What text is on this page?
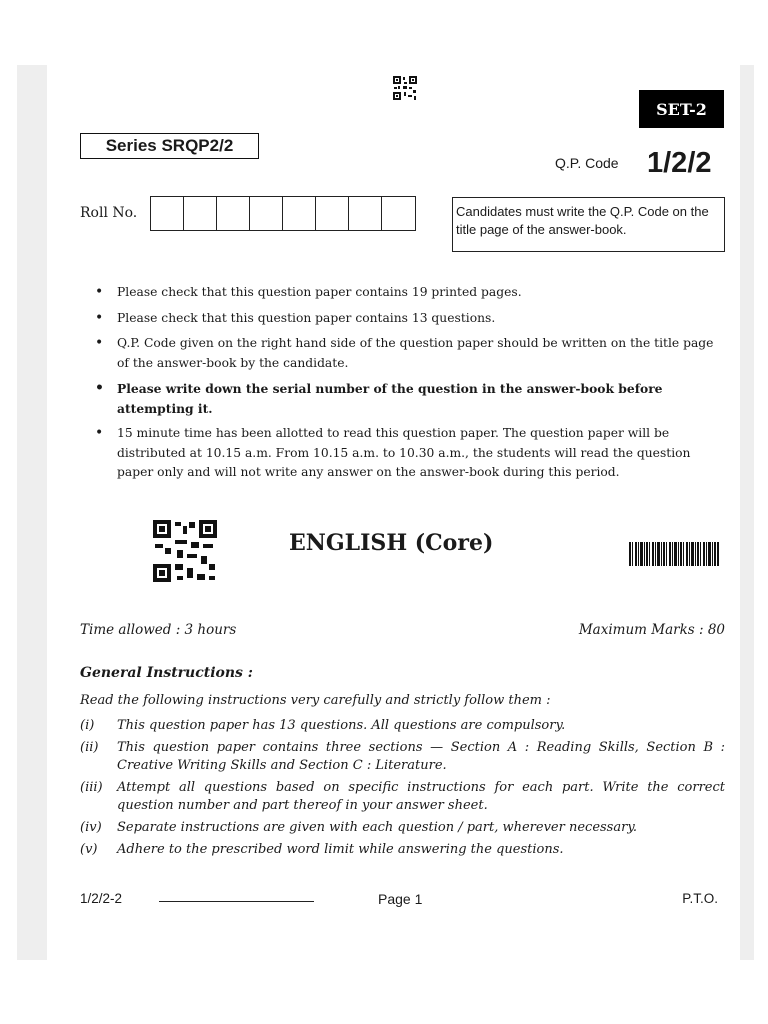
SET-2
Series SRQP2/2
Q.P. Code 1/2/2
Roll No.	Candidates must write the Q.P. Code on the title page of the answer-book.
• Please check that this question paper contains 19 printed pages.
• Please check that this question paper contains 13 questions.
• Q.P. Code given on the right hand side of the question paper should be written on the title page of the answer-book by the candidate.
• Please write down the serial number of the question in the answer-book before attempting it.
• 15 minute time has been allotted to read this question paper. The question paper will be distributed at 10.15 a.m. From 10.15 a.m. to 10.30 a.m., the students will read the question paper only and will not write any answer on the answer-book during this period.
ENGLISH (Core)
Time allowed : 3 hours	Maximum Marks : 80
General Instructions :
Read the following instructions very carefully and strictly follow them :
(i) This question paper has 13 questions. All questions are compulsory.
(ii) This question paper contains three sections — Section A : Reading Skills, Section B : Creative Writing Skills and Section C : Literature.
(iii) Attempt all questions based on specific instructions for each part. Write the correct question number and part thereof in your answer sheet.
(iv) Separate instructions are given with each question / part, wherever necessary.
(v) Adhere to the prescribed word limit while answering the questions.
1/2/2-2	Page 1	P.T.O.
